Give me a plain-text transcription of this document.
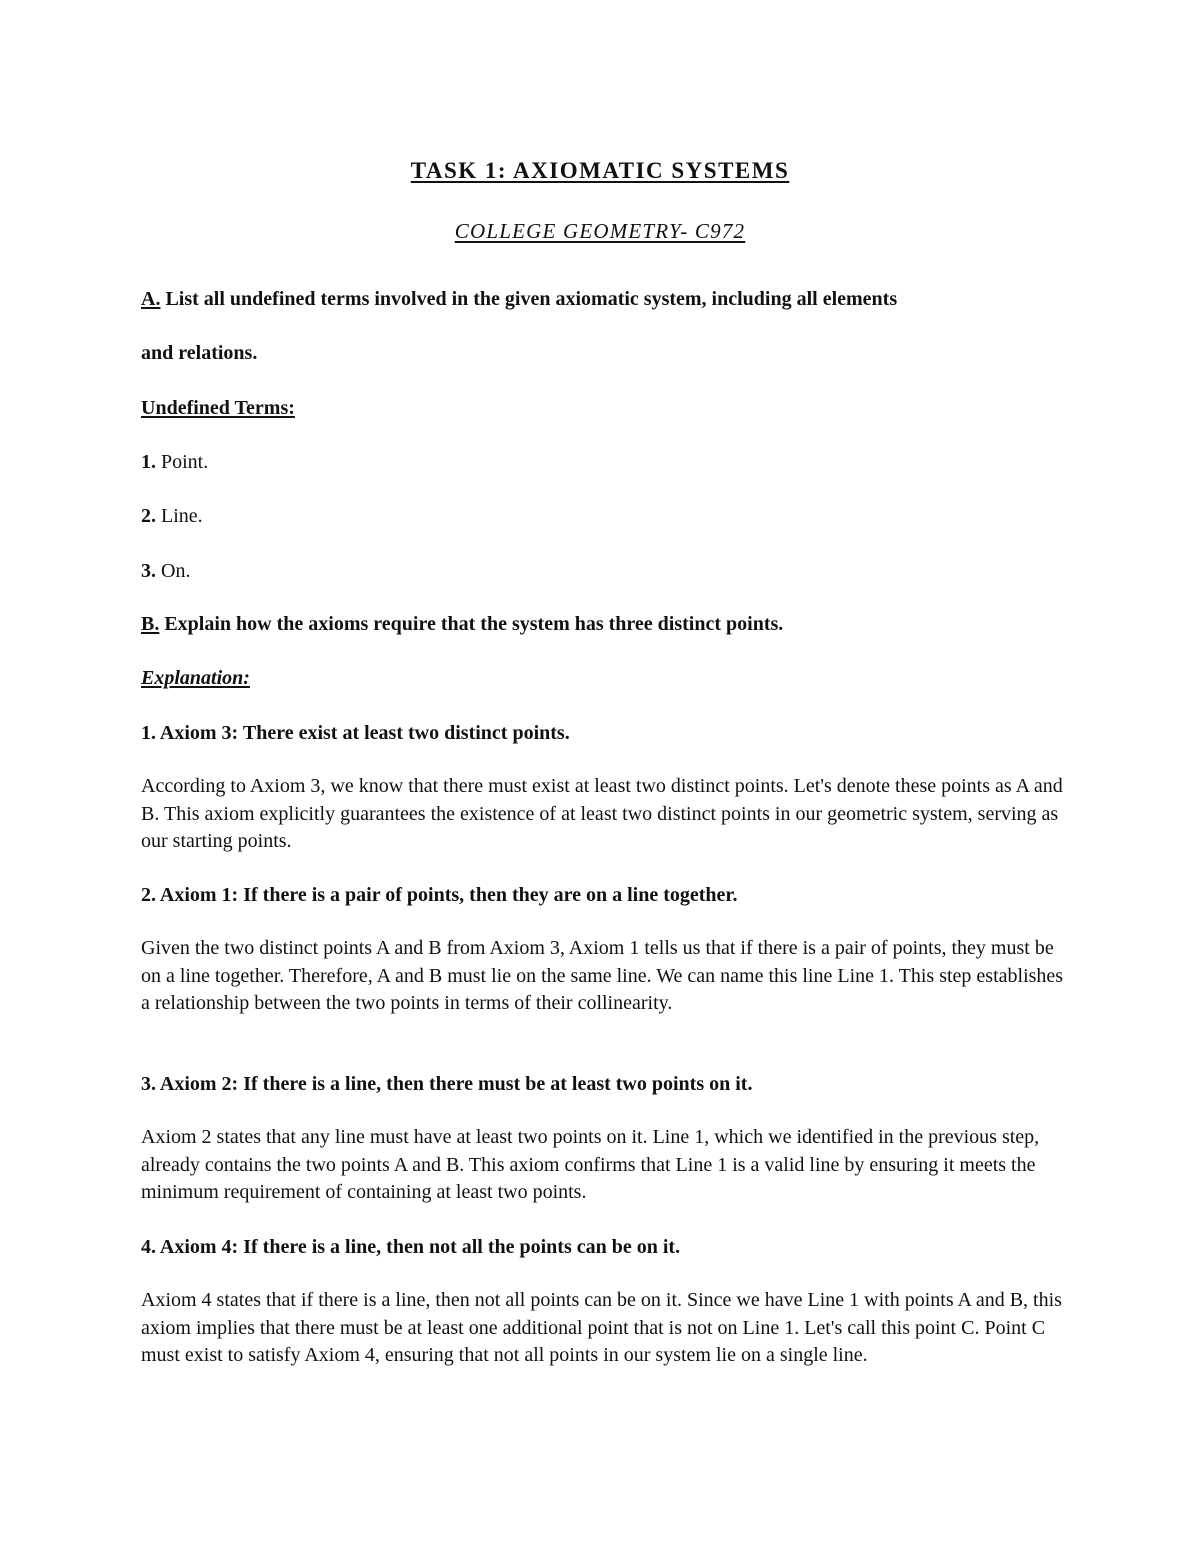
TASK 1: AXIOMATIC SYSTEMS
COLLEGE GEOMETRY- C972

A. List all undefined terms involved in the given axiomatic system, including all elements

and relations.

Undefined Terms:

1. Point.

2. Line.

3. On.

B. Explain how the axioms require that the system has three distinct points.

Explanation:

1. Axiom 3: There exist at least two distinct points.

According to Axiom 3, we know that there must exist at least two distinct points. Let's denote these points as A and B. This axiom explicitly guarantees the existence of at least two distinct points in our geometric system, serving as our starting points.

2. Axiom 1: If there is a pair of points, then they are on a line together.

Given the two distinct points A and B from Axiom 3, Axiom 1 tells us that if there is a pair of points, they must be on a line together. Therefore, A and B must lie on the same line. We can name this line Line 1. This step establishes a relationship between the two points in terms of their collinearity.

3. Axiom 2: If there is a line, then there must be at least two points on it.

Axiom 2 states that any line must have at least two points on it. Line 1, which we identified in the previous step, already contains the two points A and B. This axiom confirms that Line 1 is a valid line by ensuring it meets the minimum requirement of containing at least two points.

4. Axiom 4: If there is a line, then not all the points can be on it.

Axiom 4 states that if there is a line, then not all points can be on it. Since we have Line 1 with points A and B, this axiom implies that there must be at least one additional point that is not on Line 1. Let's call this point C. Point C must exist to satisfy Axiom 4, ensuring that not all points in our system lie on a single line.
